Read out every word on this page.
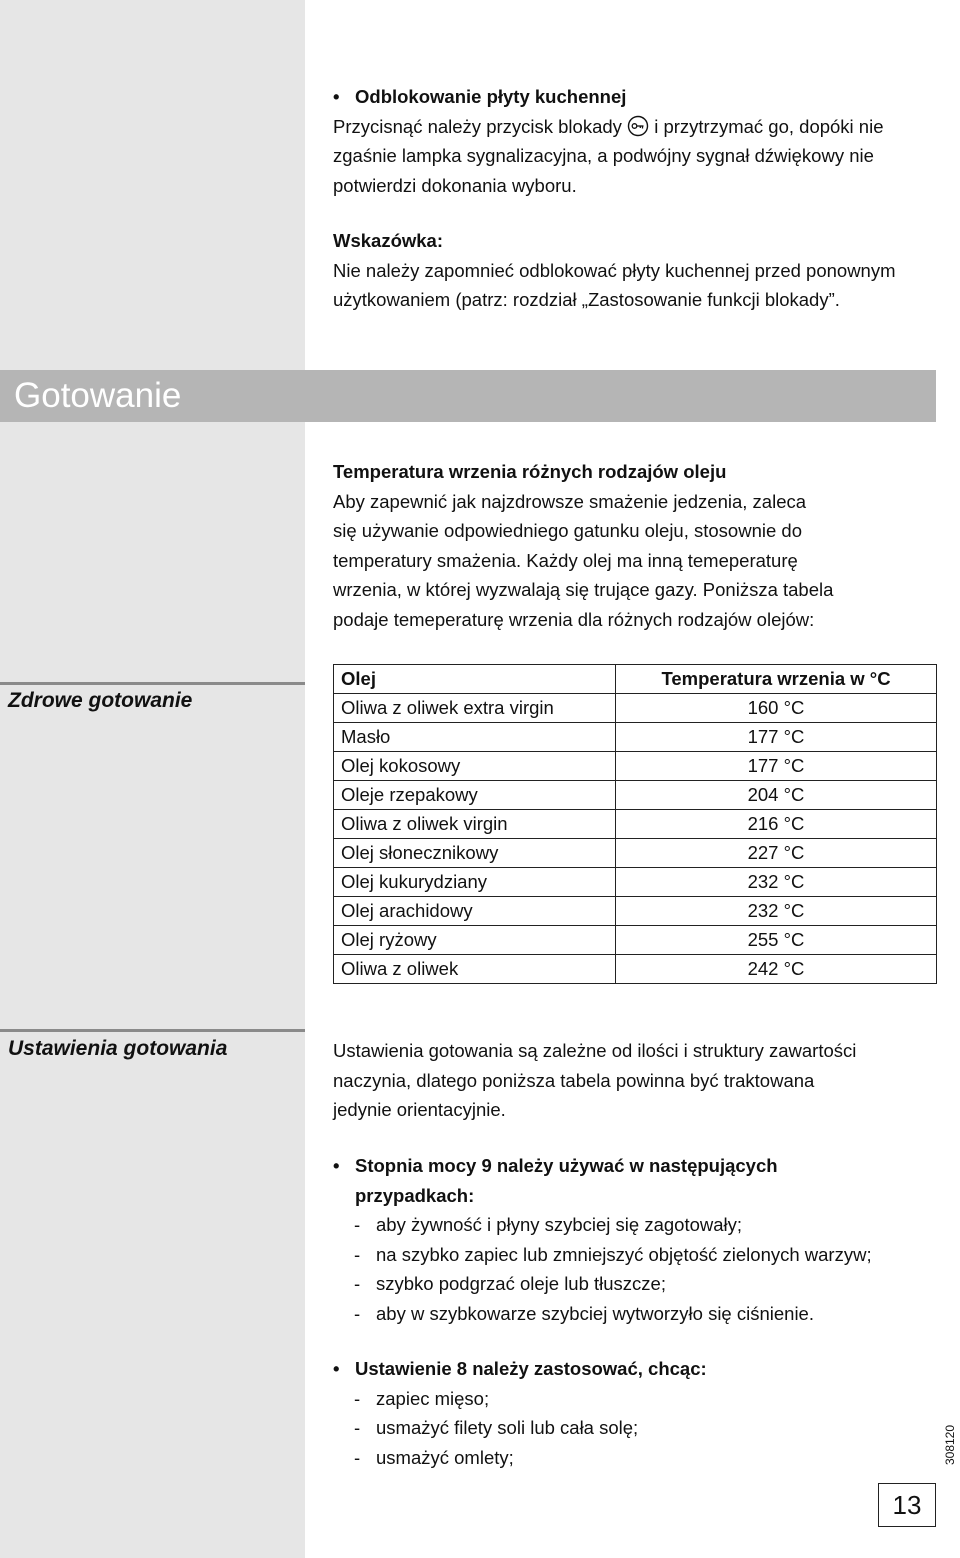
• Odblokowanie płyty kuchennej
Przycisnąć należy przycisk blokady i przytrzymać go, dopóki nie
zgaśnie lampka sygnalizacyjna, a podwójny sygnał dźwiękowy nie
potwierdzi dokonania wyboru.
Wskazówka:
Nie należy zapomnieć odblokować płyty kuchennej przed ponownym
użytkowaniem (patrz: rozdział „Zastosowanie funkcji blokady”.
Gotowanie
Zdrowe gotowanie
Temperatura wrzenia różnych rodzajów oleju
Aby zapewnić jak najzdrowsze smażenie jedzenia, zaleca
się używanie odpowiedniego gatunku oleju, stosownie do
temperatury smażenia. Każdy olej ma inną temeperaturę
wrzenia, w której wyzwalają się trujące gazy. Poniższa tabela
podaje temeperaturę wrzenia dla różnych rodzajów olejów:
Olej	Temperatura wrzenia w °C
Oliwa z oliwek extra virgin	160 °C
Masło	177 °C
Olej kokosowy	177 °C
Oleje rzepakowy	204 °C
Oliwa z oliwek virgin	216 °C
Olej słonecznikowy	227 °C
Olej kukurydziany	232 °C
Olej arachidowy	232 °C
Olej ryżowy	255 °C
Oliwa z oliwek	242 °C
Ustawienia gotowania	Ustawienia gotowania są zależne od ilości i struktury zawartości
naczynia, dlatego poniższa tabela powinna być traktowana
jedynie orientacyjnie.
• Stopnia mocy 9 należy używać w następujących
przypadkach:
- aby żywność i płyny szybciej się zagotowały;
- na szybko zapiec lub zmniejszyć objętość zielonych warzyw;
- szybko podgrzać oleje lub tłuszcze;
- aby w szybkowarze szybciej wytworzyło się ciśnienie.
• Ustawienie 8 należy zastosować, chcąc:
- zapiec mięso;
- usmażyć filety soli lub cała solę;
- usmażyć omlety;	308120
13
